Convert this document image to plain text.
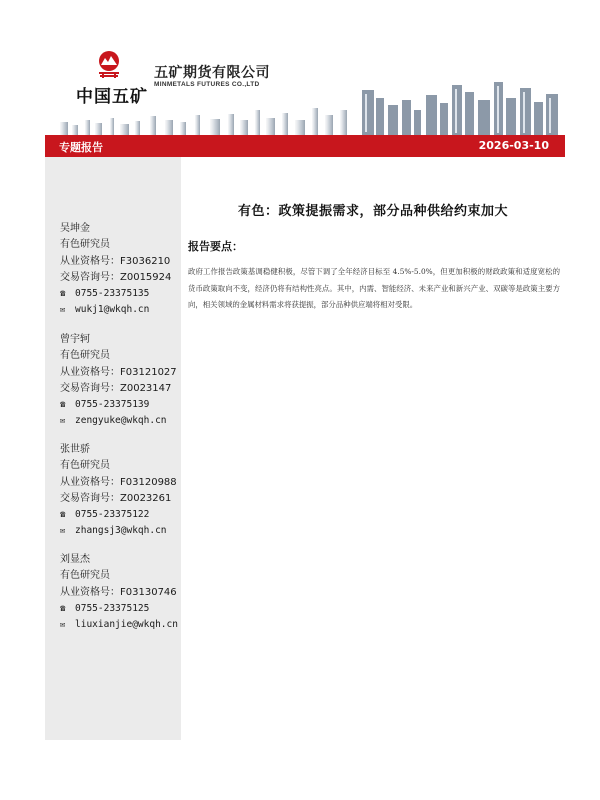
中国五矿
五矿期货有限公司
MINMETALS FUTURES CO.,LTD
专题报告	2026-03-10
吴坤金
有色研究员
从业资格号：F3036210
交易咨询号：Z0015924
☎ 0755-23375135
✉ wukj1@wkqh.cn
曾宇轲
有色研究员
从业资格号：F03121027
交易咨询号：Z0023147
☎ 0755-23375139
✉ zengyuke@wkqh.cn
张世骄
有色研究员
从业资格号：F03120988
交易咨询号：Z0023261
☎ 0755-23375122
✉ zhangsj3@wkqh.cn
刘显杰
有色研究员
从业资格号：F03130746
☎ 0755-23375125
✉ liuxianjie@wkqh.cn
有色：政策提振需求，部分品种供给约束加大
报告要点：
政府工作报告政策基调稳健积极，尽管下调了全年经济目标至 4.5%-5.0%，但更加积极的财政政策和适度宽松的货币政策取向不变，经济仍将有结构性亮点。其中，内需、智能经济、未来产业和新兴产业、双碳等是政策主要方向，相关领域的金属材料需求将获提振，部分品种供应端将相对受限。
